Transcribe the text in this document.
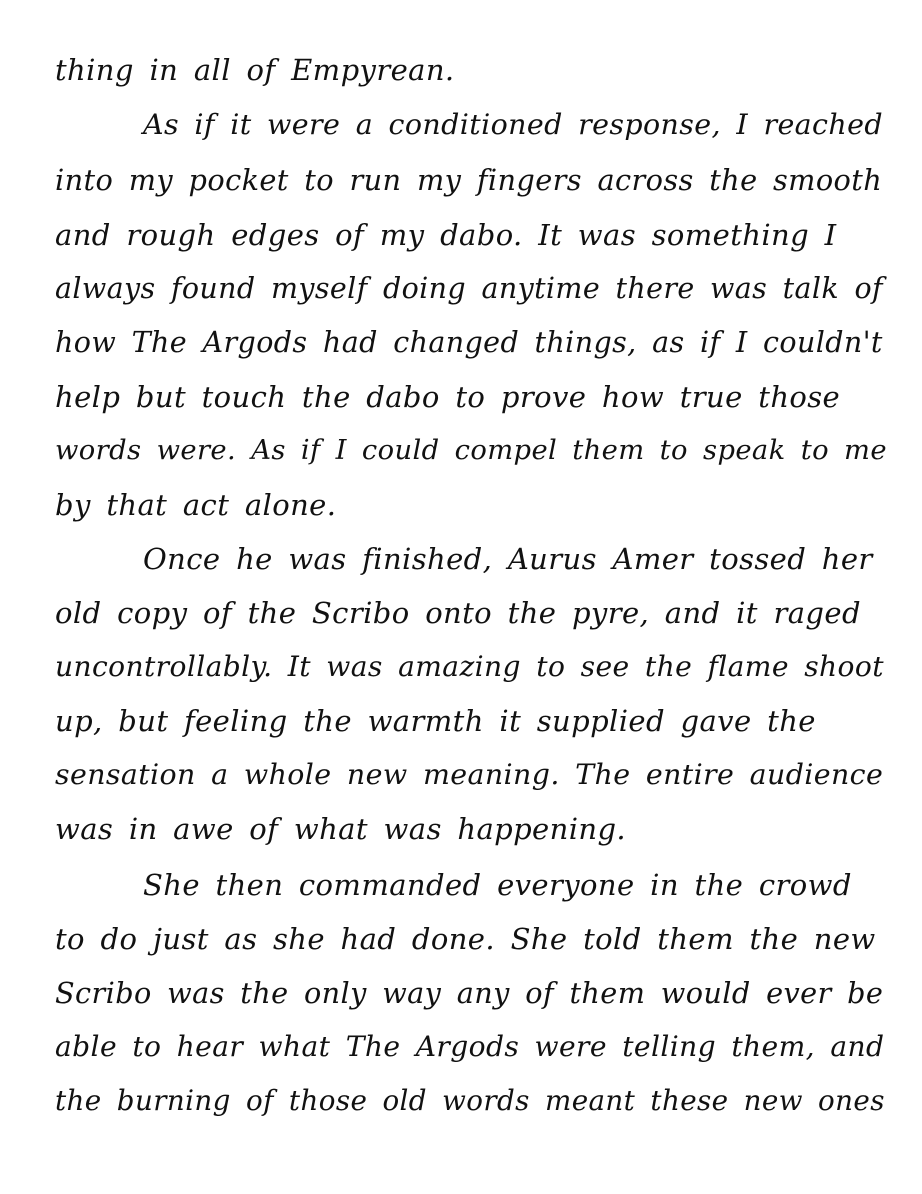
thing in all of Empyrean.

As if it were a conditioned response, I reached

into my pocket to run my fingers across the smooth

and rough edges of my dabo. It was something I

always found myself doing anytime there was talk of

how The Argods had changed things, as if I couldn't

help but touch the dabo to prove how true those

words were. As if I could compel them to speak to me

by that act alone.

Once he was finished, Aurus Amer tossed her

old copy of the Scribo onto the pyre, and it raged

uncontrollably. It was amazing to see the flame shoot

up, but feeling the warmth it supplied gave the

sensation a whole new meaning. The entire audience

was in awe of what was happening.

She then commanded everyone in the crowd

to do just as she had done. She told them the new

Scribo was the only way any of them would ever be

able to hear what The Argods were telling them, and

the burning of those old words meant these new ones
